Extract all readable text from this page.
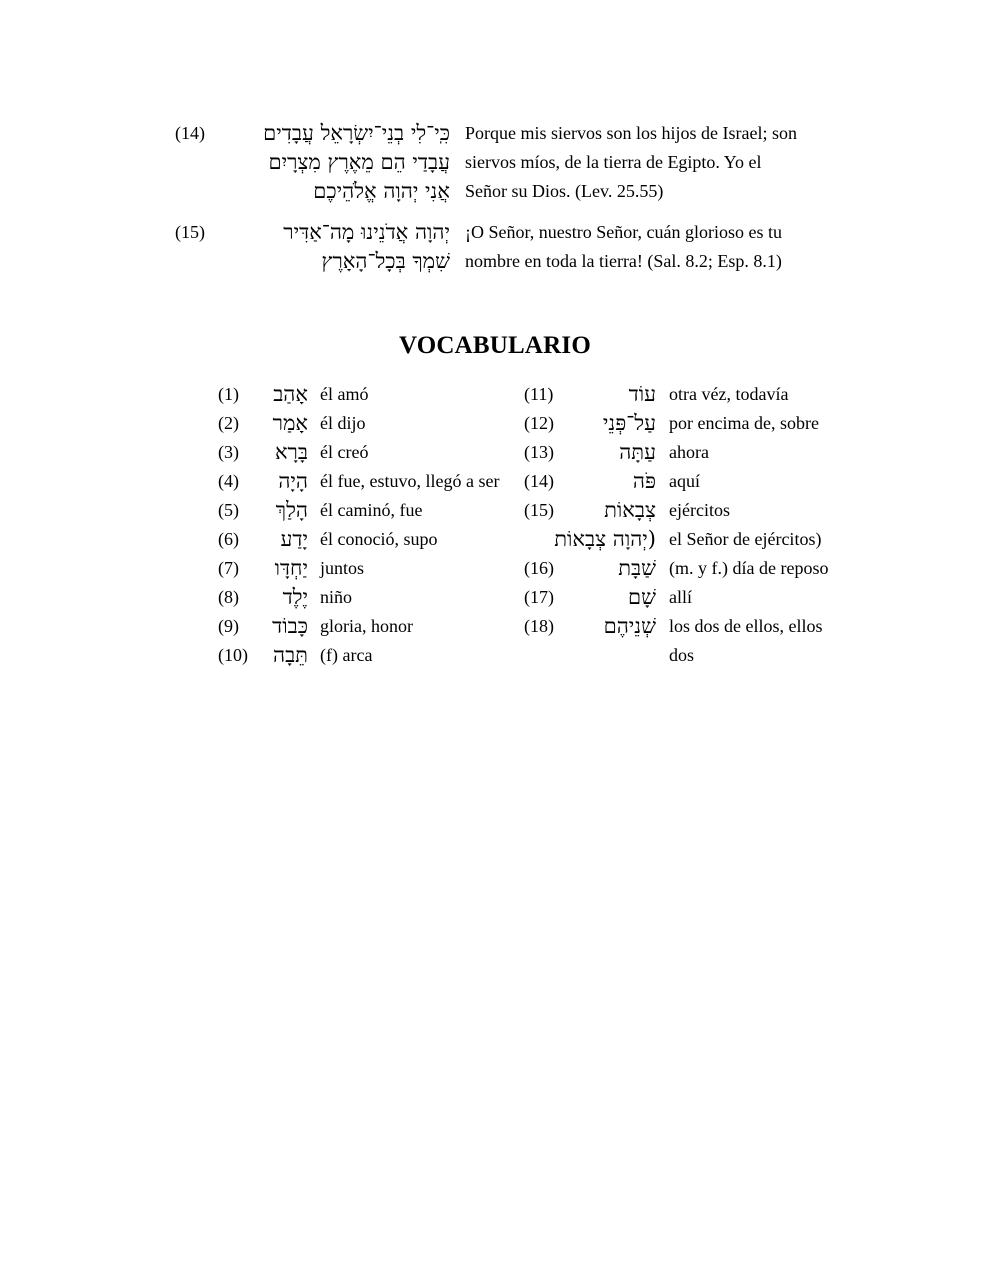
(14)	כִּֽי־לִי בְנֵי־יִשְׂרָאֵל עֲבָדִים
עֲבָדַי הֵם מֵאֶרֶץ מִצְרָיִם
אֲנִי יְהוָה אֱלֹהֵיכֶם
Porque mis siervos son los hijos de Israel; son
siervos míos, de la tierra de Egipto. Yo el
Señor su Dios. (Lev. 25.55)
(15)	יְהוָה אֲדֹנֵינוּ מָה־אַדִּיר
שִׁמְךָ בְּכָל־הָאָרֶץ
¡O Señor, nuestro Señor, cuán glorioso es tu
nombre en toda la tierra! (Sal. 8.2; Esp. 8.1)
VOCABULARIO
(1) אָהַב él amó	(11)	עוֹד otra véz, todavía
(2) אָמַר él dijo	(12) עַל־פְּנֵי por encima de, sobre
(3) בָּרָא él creó	(13)	עַתָּה ahora
(4) הָיָה él fue, estuvo, llegó a ser (14)	פֹּה aquí
(5) הָלַךְ él caminó, fue	(15) צְבָאוֹת ejércitos
(6) יָדַע él conoció, supo	(יְהוָה צְבָאוֹת el Señor de ejércitos)
(7) יַחְדָּו juntos	(16)	שַׁבָּת (m. y f.) día de reposo
(8) יֶלֶד niño	(17)	שָׁם allí
(9) כָּבוֹד gloria, honor	(18) שְׁנֵיהֶם los dos de ellos, ellos
(10) תֵּבָה (f) arca	dos
